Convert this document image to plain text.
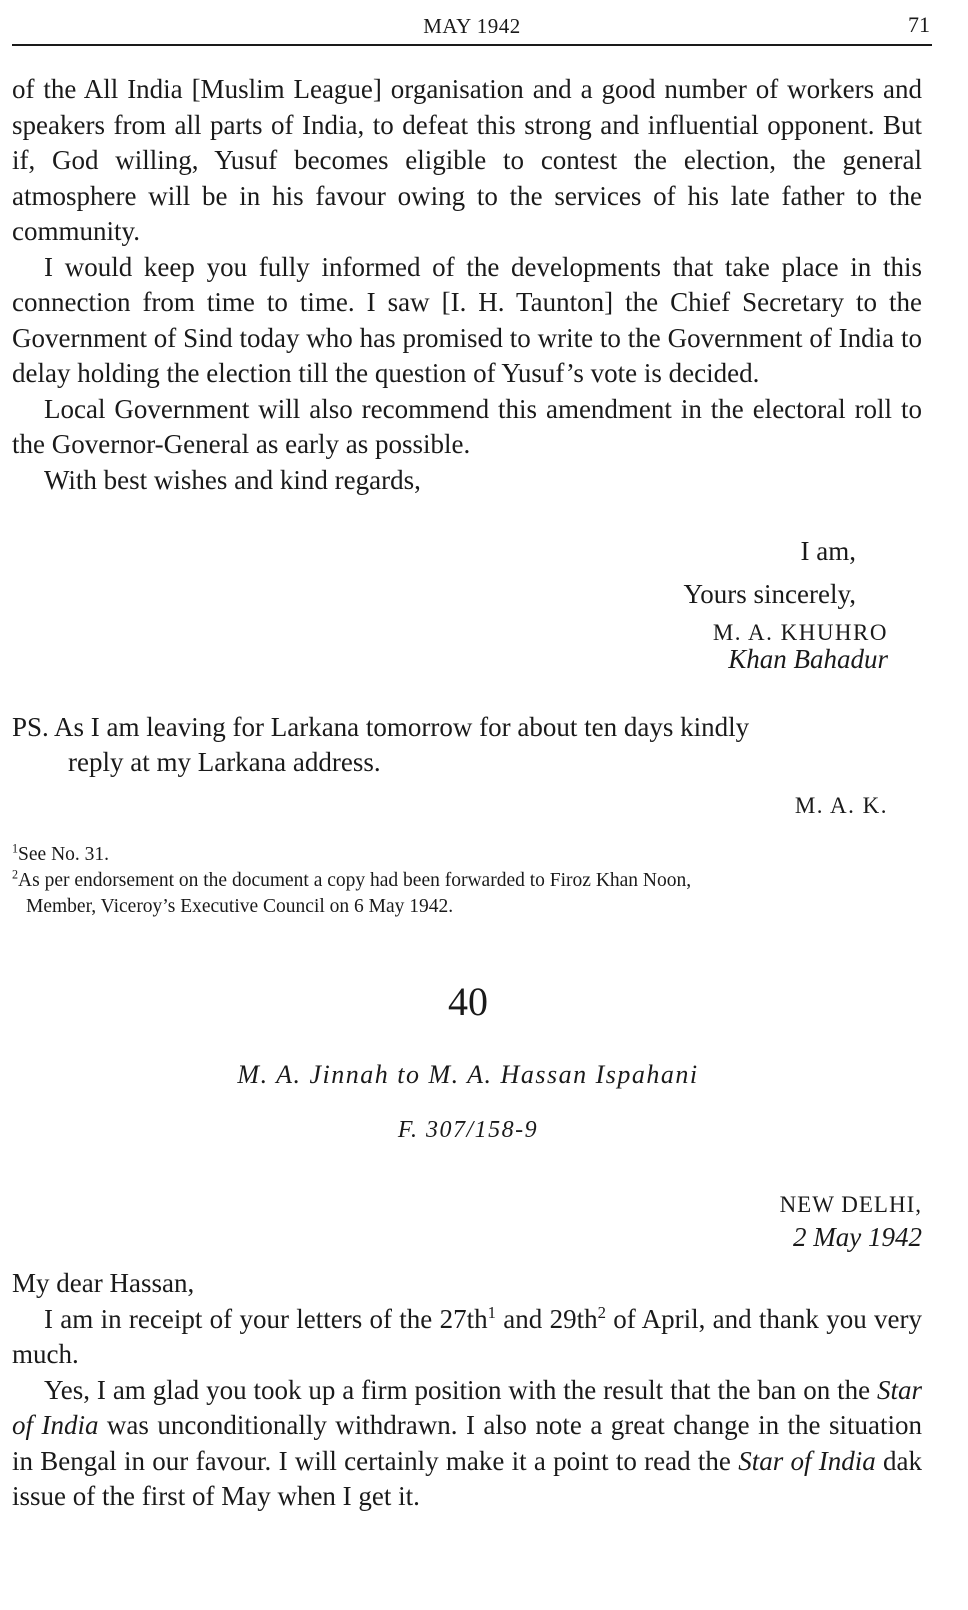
MAY 1942	71

of the All India [Muslim League] organisation and a good number of workers and speakers from all parts of India, to defeat this strong and influential opponent. But if, God willing, Yusuf becomes eligible to contest the election, the general atmosphere will be in his favour owing to the services of his late father to the community.

I would keep you fully informed of the developments that take place in this connection from time to time. I saw [I. H. Taunton] the Chief Secretary to the Government of Sind today who has promised to write to the Government of India to delay holding the election till the question of Yusuf’s vote is decided.

Local Government will also recommend this amendment in the electoral roll to the Governor-General as early as possible.

With best wishes and kind regards,

I am,
Yours sincerely,
M. A. KHUHRO
Khan Bahadur
PS. As I am leaving for Larkana tomorrow for about ten days kindly
reply at my Larkana address.
M. A. K.

$^1$See No. 31.

$^2$As per endorsement on the document a copy had been forwarded to Firoz Khan Noon,

Member, Viceroy’s Executive Council on 6 May 1942.

40
M. A. Jinnah to M. A. Hassan Ispahani
F. 307/158-9
NEW DELHI,
2 May 1942

My dear Hassan,

I am in receipt of your letters of the $27th^1$ and $29th^2$ of April, and thank you very much.

Yes, I am glad you took up a firm position with the result that the ban on the Star of India was unconditionally withdrawn. I also note a great change in the situation in Bengal in our favour. I will certainly make it a point to read the Star of India dak issue of the first of May when I get it.
